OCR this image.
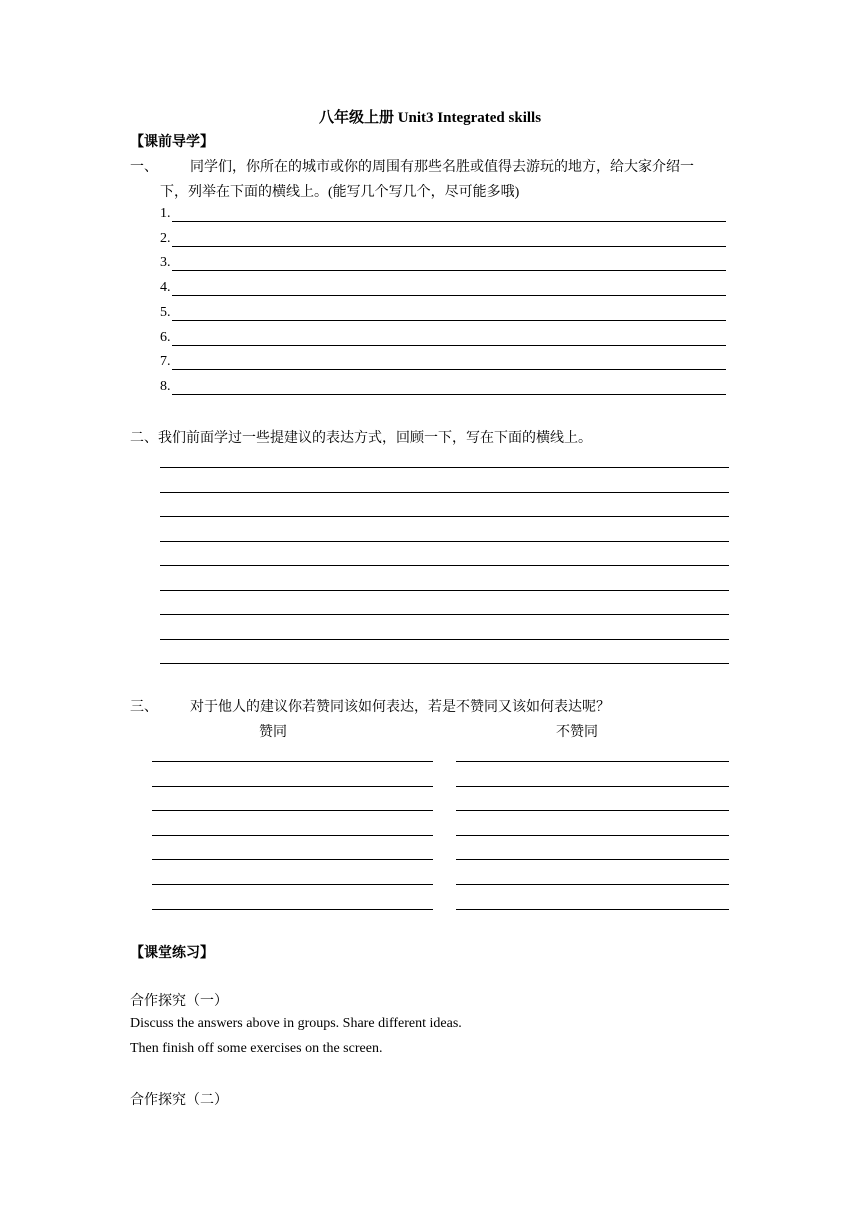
八年级上册 Unit3 Integrated skills
【课前导学】
一、 同学们，你所在的城市或你的周围有那些名胜或值得去游玩的地方，给大家介绍一
下，列举在下面的横线上。(能写几个写几个，尽可能多哦)
1.
2.
3.
4.
5.
6.
7.
8.
二、我们前面学过一些提建议的表达方式，回顾一下，写在下面的横线上。
三、 对于他人的建议你若赞同该如何表达，若是不赞同又该如何表达呢？
赞同	不赞同
【课堂练习】
合作探究（一）
Discuss the answers above in groups. Share different ideas.
Then finish off some exercises on the screen.
合作探究（二）
